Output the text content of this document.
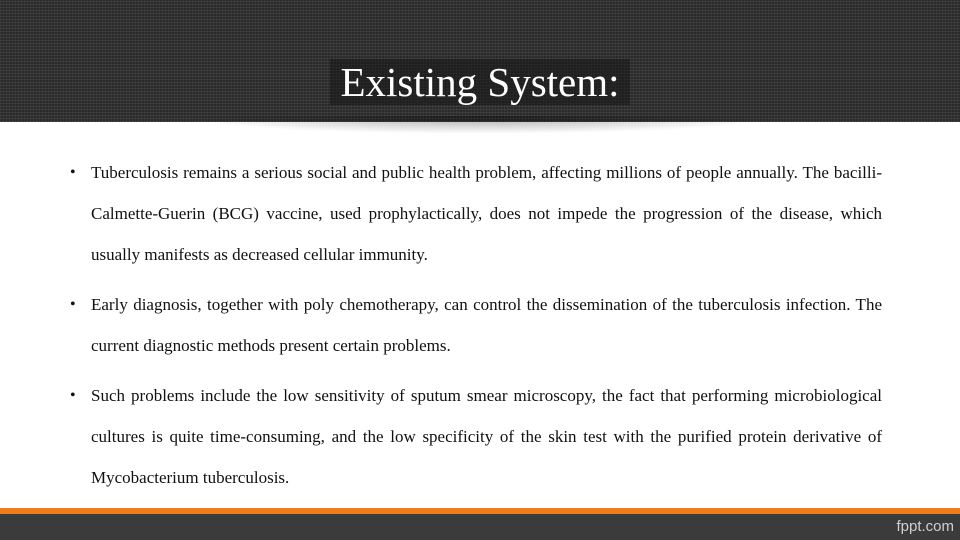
Existing System:
• Tuberculosis remains a serious social and public health problem, affecting millions of people annually. The bacilli-Calmette-Guerin (BCG) vaccine, used prophylactically, does not impede the progression of the disease, which usually manifests as decreased cellular immunity.
• Early diagnosis, together with poly chemotherapy, can control the dissemination of the tuberculosis infection. The current diagnostic methods present certain problems.
• Such problems include the low sensitivity of sputum smear microscopy, the fact that performing microbiological cultures is quite time-consuming, and the low specificity of the skin test with the purified protein derivative of Mycobacterium tuberculosis.
fppt.com
